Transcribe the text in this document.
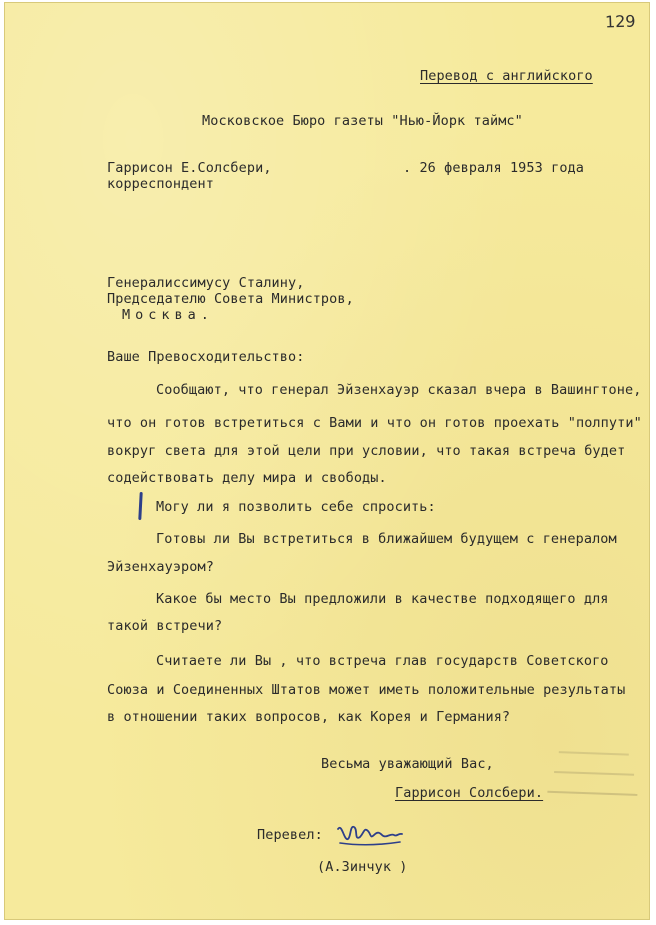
129
Перевод с английского
Московское Бюро газеты "Нью-Йорк таймс"
Гаррисон Е.Солсбери,	. 26 февраля 1953 года
корреспондент
Генералиссимусу Сталину,
Председателю Совета Министров,
Москва.
Ваше Превосходительство:
Сообщают, что генерал Эйзенхауэр сказал вчера в Вашингтоне,
что он готов встретиться с Вами и что он готов проехать "полпути"
вокруг света для этой цели при условии, что такая встреча будет
содействовать делу мира и свободы.
Могу ли я позволить себе спросить:
Готовы ли Вы встретиться в ближайшем будущем с генералом
Эйзенхауэром?
Какое бы место Вы предложили в качестве подходящего для
такой встречи?
Считаете ли Вы , что встреча глав государств Советского
Союза и Соединенных Штатов может иметь положительные результаты
в отношении таких вопросов, как Корея и Германия?
Весьма уважающий Вас,
Гаррисон Солсбери.
Перевел:
(А.Зинчук )
